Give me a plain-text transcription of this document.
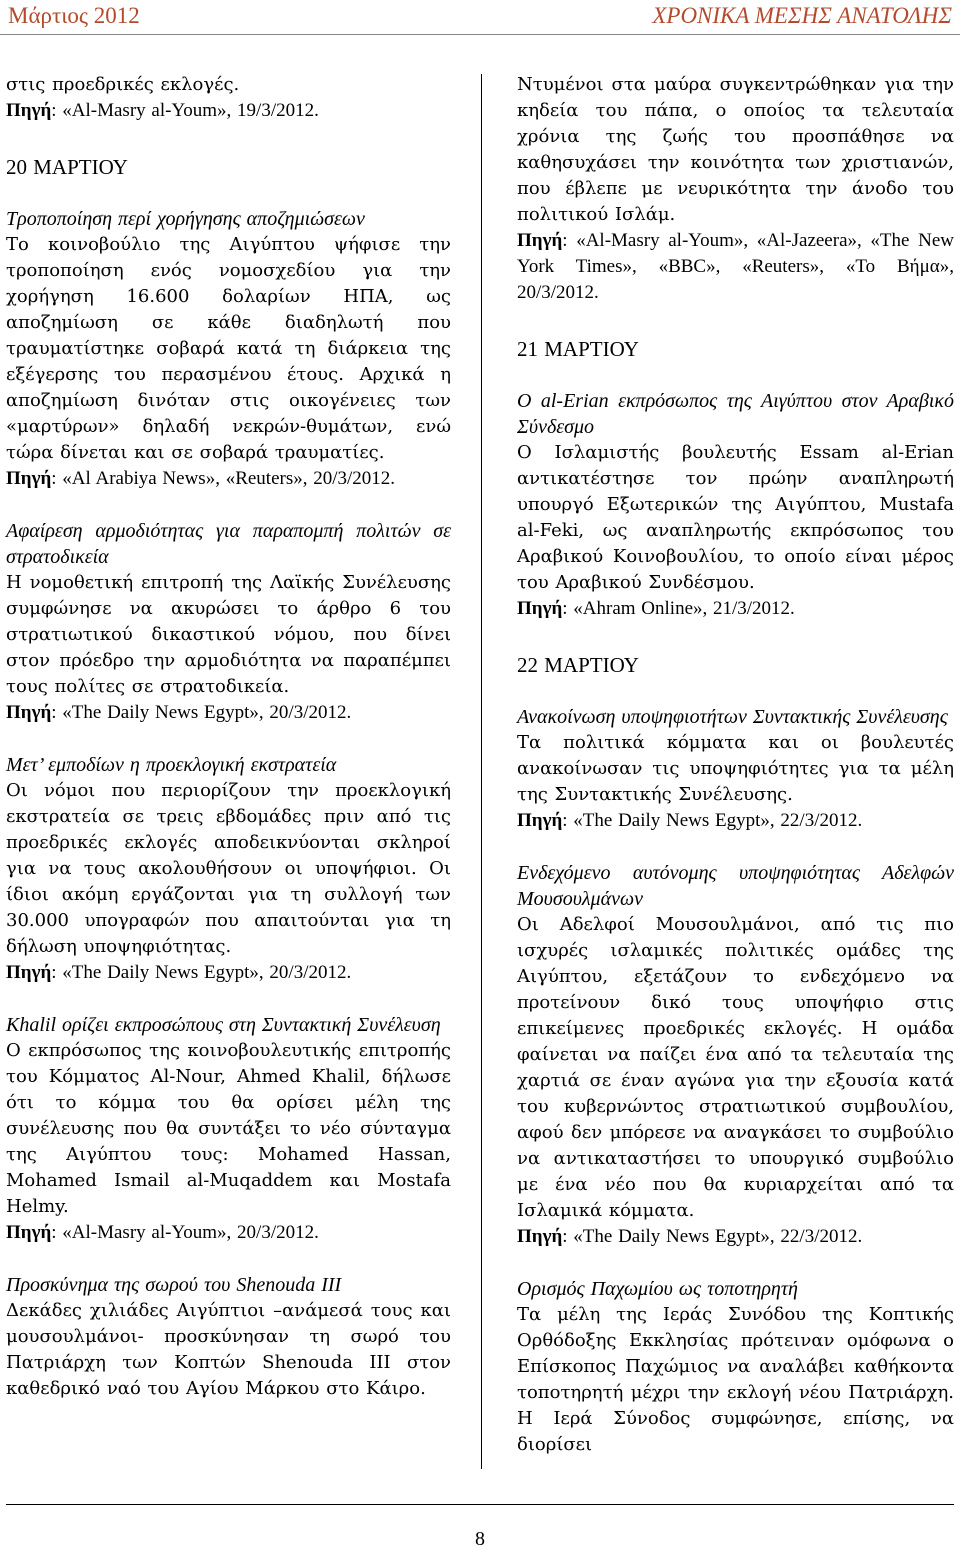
Μάρτιος 2012	ΧΡΟΝΙΚΑ ΜΕΣΗΣ ΑΝΑΤΟΛΗΣ

στις προεδρικές εκλογές.

Πηγή: «Al-Masry al-Youm», 19/3/2012.

20 ΜΑΡΤΙΟΥ

Τροποποίηση περί χορήγησης αποζημιώσεων

Το κοινοβούλιο της Αιγύπτου ψήφισε την τροποποίηση ενός νομοσχεδίου για την χορήγηση 16.600 δολαρίων ΗΠΑ, ως αποζημίωση σε κάθε διαδηλωτή που τραυματίστηκε σοβαρά κατά τη διάρκεια της εξέγερσης του περασμένου έτους. Αρχικά η αποζημίωση δινόταν στις οικογένειες των «μαρτύρων» δηλαδή νεκρών-θυμάτων, ενώ τώρα δίνεται και σε σοβαρά τραυματίες.

Πηγή: «Al Arabiya News», «Reuters», 20/3/2012.

Αφαίρεση αρμοδιότητας για παραπομπή πολιτών σε στρατοδικεία

Η νομοθετική επιτροπή της Λαϊκής Συνέλευσης συμφώνησε να ακυρώσει το άρθρο 6 του στρατιωτικού δικαστικού νόμου, που δίνει στον πρόεδρο την αρμοδιότητα να παραπέμπει τους πολίτες σε στρατοδικεία.

Πηγή: «The Daily News Egypt», 20/3/2012.

Μετ’ εμποδίων η προεκλογική εκστρατεία

Οι νόμοι που περιορίζουν την προεκλογική εκστρατεία σε τρεις εβδομάδες πριν από τις προεδρικές εκλογές αποδεικνύονται σκληροί για να τους ακολουθήσουν οι υποψήφιοι. Οι ίδιοι ακόμη εργάζονται για τη συλλογή των 30.000 υπογραφών που απαιτούνται για τη δήλωση υποψηφιότητας.

Πηγή: «The Daily News Egypt», 20/3/2012.

Khalil ορίζει εκπροσώπους στη Συντακτική Συνέλευση

Ο εκπρόσωπος της κοινοβουλευτικής επιτροπής του Κόμματος Al-Nour, Ahmed Khalil, δήλωσε ότι το κόμμα του θα ορίσει μέλη της συνέλευσης που θα συντάξει το νέο σύνταγμα της Αιγύπτου τους: Mohamed Hassan, Mohamed Ismail al-Muqaddem και Mostafa Helmy.

Πηγή: «Al-Masry al-Youm», 20/3/2012.

Προσκύνημα της σωρού του Shenouda III

Δεκάδες χιλιάδες Αιγύπτιοι –ανάμεσά τους και μουσουλμάνοι- προσκύνησαν τη σωρό του Πατριάρχη των Κοπτών Shenouda III στον καθεδρικό ναό του Αγίου Μάρκου στο Κάιρο.

Ντυμένοι στα μαύρα συγκεντρώθηκαν για την κηδεία του πάπα, ο οποίος τα τελευταία χρόνια της ζωής του προσπάθησε να καθησυχάσει την κοινότητα των χριστιανών, που έβλεπε με νευρικότητα την άνοδο του πολιτικού Ισλάμ.

Πηγή: «Al-Masry al-Youm», «Al-Jazeera», «The New York Times», «BBC», «Reuters», «Το Βήμα», 20/3/2012.

21 ΜΑΡΤΙΟΥ

Ο al-Erian εκπρόσωπος της Αιγύπτου στον Αραβικό Σύνδεσμο

Ο Ισλαμιστής βουλευτής Essam al-Erian αντικατέστησε τον πρώην αναπληρωτή υπουργό Εξωτερικών της Αιγύπτου, Mustafa al-Feki, ως αναπληρωτής εκπρόσωπος του Αραβικού Κοινοβουλίου, το οποίο είναι μέρος του Αραβικού Συνδέσμου.

Πηγή: «Ahram Online», 21/3/2012.

22 ΜΑΡΤΙΟΥ

Ανακοίνωση υποψηφιοτήτων Συντακτικής Συνέλευσης

Τα πολιτικά κόμματα και οι βουλευτές ανακοίνωσαν τις υποψηφιότητες για τα μέλη της Συντακτικής Συνέλευσης.

Πηγή: «The Daily News Egypt», 22/3/2012.

Ενδεχόμενο αυτόνομης υποψηφιότητας Αδελφών Μουσουλμάνων

Οι Αδελφοί Μουσουλμάνοι, από τις πιο ισχυρές ισλαμικές πολιτικές ομάδες της Αιγύπτου, εξετάζουν το ενδεχόμενο να προτείνουν δικό τους υποψήφιο στις επικείμενες προεδρικές εκλογές. Η ομάδα φαίνεται να παίζει ένα από τα τελευταία της χαρτιά σε έναν αγώνα για την εξουσία κατά του κυβερνώντος στρατιωτικού συμβουλίου, αφού δεν μπόρεσε να αναγκάσει το συμβούλιο να αντικαταστήσει το υπουργικό συμβούλιο με ένα νέο που θα κυριαρχείται από τα Ισλαμικά κόμματα.

Πηγή: «The Daily News Egypt», 22/3/2012.

Ορισμός Παχωμίου ως τοποτηρητή

Τα μέλη της Ιεράς Συνόδου της Κοπτικής Ορθόδοξης Εκκλησίας πρότειναν ομόφωνα ο Επίσκοπος Παχώμιος να αναλάβει καθήκοντα τοποτηρητή μέχρι την εκλογή νέου Πατριάρχη. Η Ιερά Σύνοδος συμφώνησε, επίσης, να διορίσει

8
